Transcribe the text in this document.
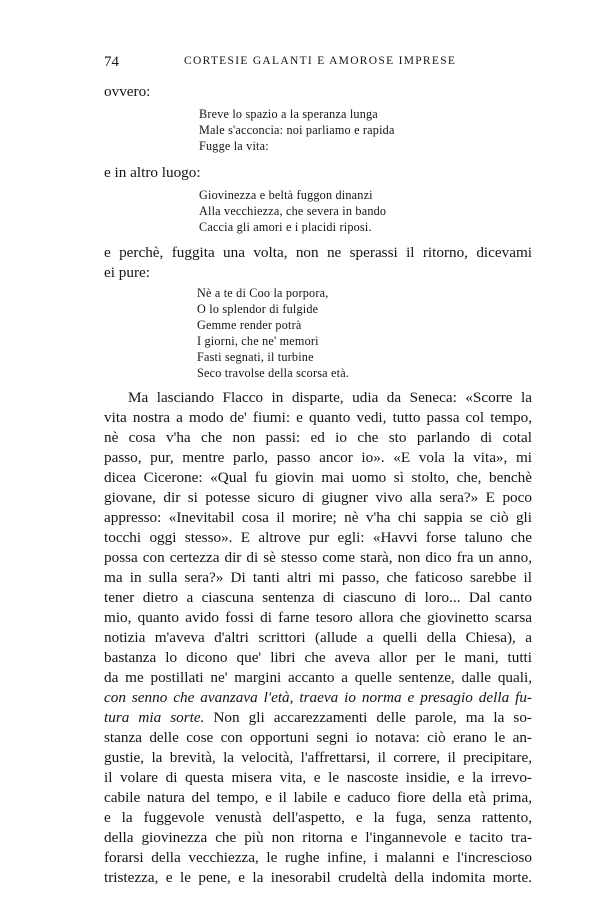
74	CORTESIE GALANTI E AMOROSE IMPRESE
ovvero:
Breve lo spazio a la speranza lunga
Male s'acconcia: noi parliamo e rapida
Fugge la vita:
e in altro luogo:
Giovinezza e beltà fuggon dinanzi
Alla vecchiezza, che severa in bando
Caccia gli amori e i placidi riposi.
e perchè, fuggita una volta, non ne sperassi il ritorno, dicevami
ei pure:
Nè a te di Coo la porpora,
O lo splendor di fulgide
Gemme render potrà
I giorni, che ne' memori
Fasti segnati, il turbine
Seco travolse della scorsa età.
Ma lasciando Flacco in disparte, udia da Seneca: «Scorre la
vita nostra a modo de' fiumi: e quanto vedi, tutto passa col tempo,
nè cosa v'ha che non passi: ed io che sto parlando di cotal
passo, pur, mentre parlo, passo ancor io». «E vola la vita», mi
dicea Cicerone: «Qual fu giovin mai uomo sì stolto, che, benchè
giovane, dir si potesse sicuro di giugner vivo alla sera?» E poco
appresso: «Inevitabil cosa il morire; nè v'ha chi sappia se ciò gli
tocchi oggi stesso». E altrove pur egli: «Havvi forse taluno che
possa con certezza dir di sè stesso come starà, non dico fra un anno,
ma in sulla sera?» Di tanti altri mi passo, che faticoso sarebbe il
tener dietro a ciascuna sentenza di ciascuno di loro... Dal canto
mio, quanto avido fossi di farne tesoro allora che giovinetto scarsa
notizia m'aveva d'altri scrittori (allude a quelli della Chiesa), a
bastanza lo dicono que' libri che aveva allor per le mani, tutti
da me postillati ne' margini accanto a quelle sentenze, dalle quali,
con senno che avanzava l'età, traeva io norma e presagio della fu-
tura mia sorte. Non gli accarezzamenti delle parole, ma la so-
stanza delle cose con opportuni segni io notava: ciò erano le an-
gustie, la brevità, la velocità, l'affrettarsi, il correre, il precipitare,
il volare di questa misera vita, e le nascoste insidie, e la irrevo-
cabile natura del tempo, e il labile e caduco fiore della età prima,
e la fuggevole venustà dell'aspetto, e la fuga, senza rattento,
della giovinezza che più non ritorna e l'ingannevole e tacito tra-
forarsi della vecchiezza, le rughe infine, i malanni e l'increscioso
tristezza, e le pene, e la inesorabil crudeltà della indomita morte.
